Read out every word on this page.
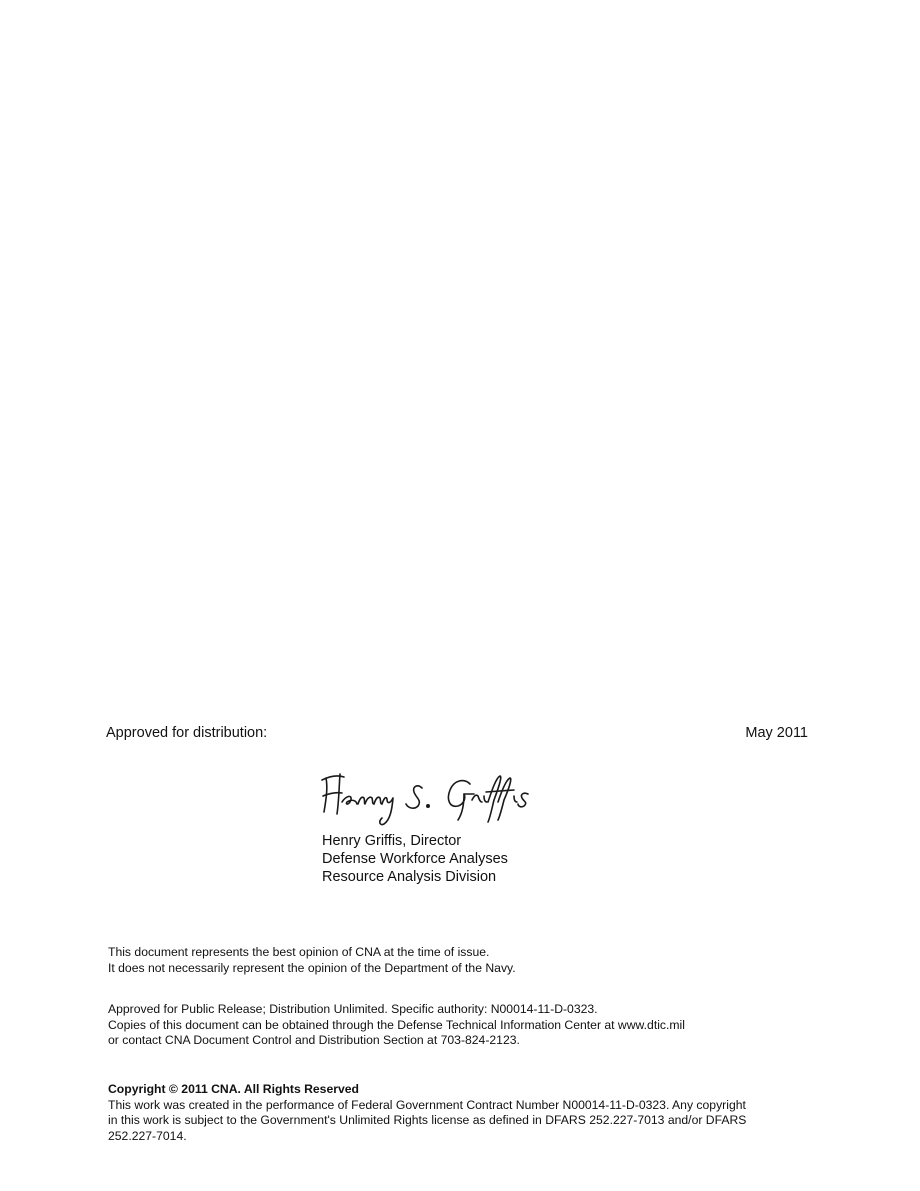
Approved for distribution:	May 2011
Henry Griffis, Director
Defense Workforce Analyses
Resource Analysis Division
This document represents the best opinion of CNA at the time of issue.
It does not necessarily represent the opinion of the Department of the Navy.
Approved for Public Release; Distribution Unlimited. Specific authority: N00014-11-D-0323.
Copies of this document can be obtained through the Defense Technical Information Center at www.dtic.mil
or contact CNA Document Control and Distribution Section at 703-824-2123.
Copyright © 2011 CNA. All Rights Reserved
This work was created in the performance of Federal Government Contract Number N00014-11-D-0323. Any copyright
in this work is subject to the Government's Unlimited Rights license as defined in DFARS 252.227-7013 and/or DFARS
252.227-7014.
